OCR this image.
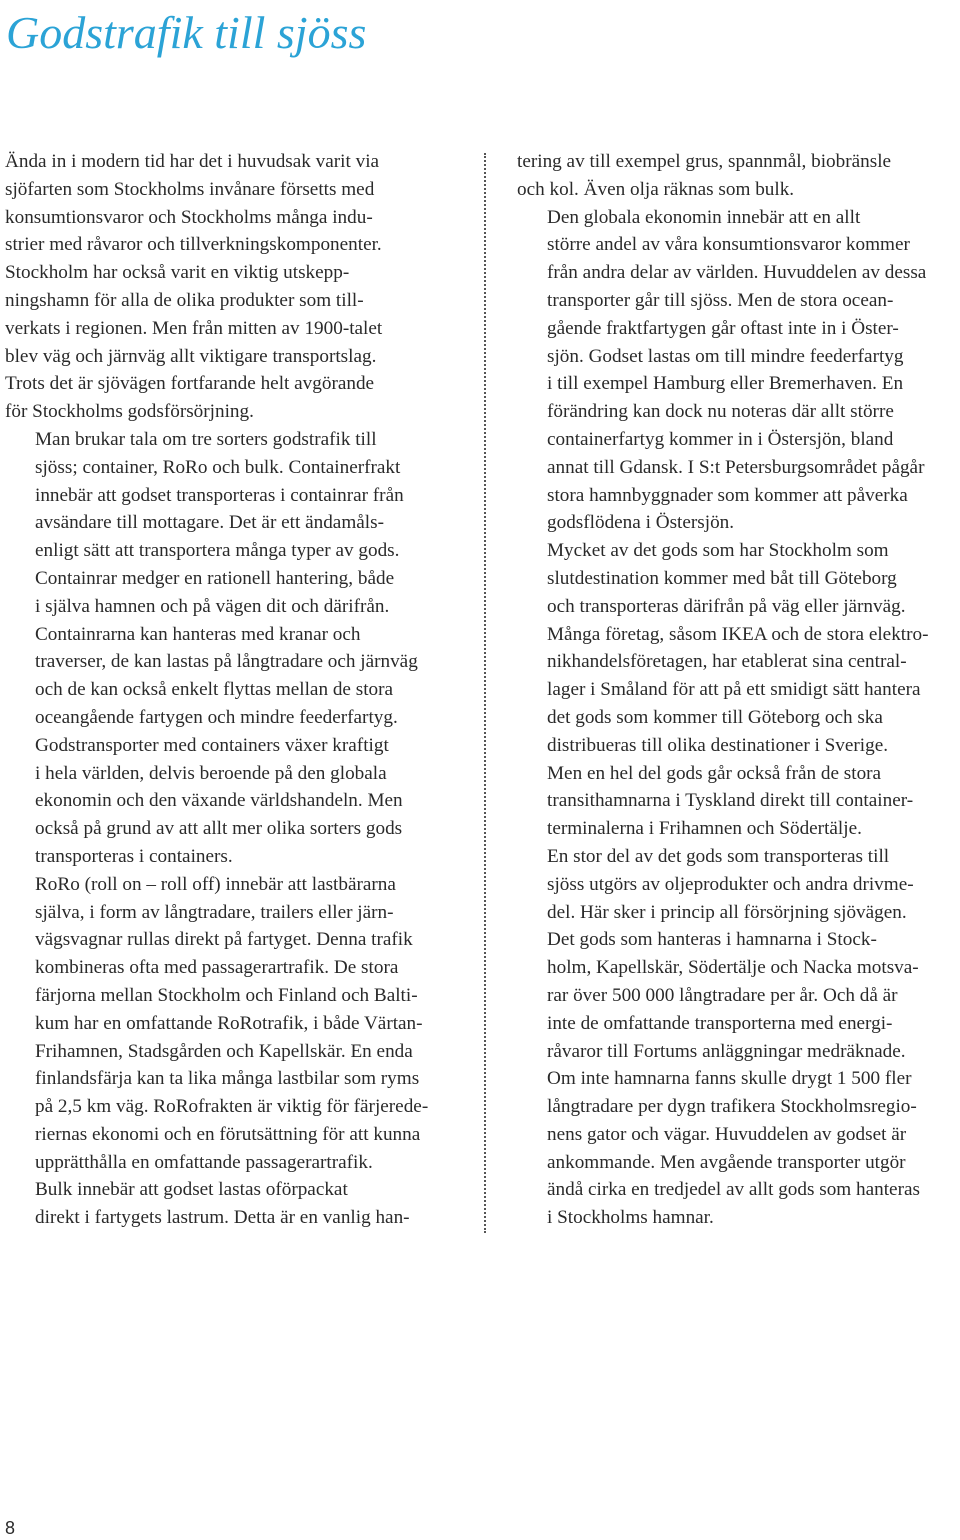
Godstrafik till sjöss

Ända in i modern tid har det i huvudsak varit via
sjöfarten som Stockholms invånare försetts med
konsumtionsvaror och Stockholms många indu-
strier med råvaror och tillverkningskomponenter.
Stockholm har också varit en viktig utskepp-
ningshamn för alla de olika produkter som till-
verkats i regionen. Men från mitten av 1900-talet
blev väg och järnväg allt viktigare transportslag.
Trots det är sjövägen fortfarande helt avgörande
för Stockholms godsförsörjning.

Man brukar tala om tre sorters godstrafik till
sjöss; container, RoRo och bulk. Containerfrakt
innebär att godset transporteras i containrar från
avsändare till mottagare. Det är ett ändamåls-
enligt sätt att transportera många typer av gods.
Containrar medger en rationell hantering, både
i själva hamnen och på vägen dit och därifrån.
Containrarna kan hanteras med kranar och
traverser, de kan lastas på långtradare och järnväg
och de kan också enkelt flyttas mellan de stora
oceangående fartygen och mindre feederfartyg.
Godstransporter med containers växer kraftigt
i hela världen, delvis beroende på den globala
ekonomin och den växande världshandeln. Men
också på grund av att allt mer olika sorters gods
transporteras i containers.

RoRo (roll on – roll off) innebär att lastbärarna
själva, i form av långtradare, trailers eller järn-
vägsvagnar rullas direkt på fartyget. Denna trafik
kombineras ofta med passagerartrafik. De stora
färjorna mellan Stockholm och Finland och Balti-
kum har en omfattande RoRotrafik, i både Värtan-
Frihamnen, Stadsgården och Kapellskär. En enda
finlandsfärja kan ta lika många lastbilar som ryms
på 2,5 km väg. RoRofrakten är viktig för färjerede-
riernas ekonomi och en förutsättning för att kunna
upprätthålla en omfattande passagerartrafik.

Bulk innebär att godset lastas oförpackat
direkt i fartygets lastrum. Detta är en vanlig han-

tering av till exempel grus, spannmål, biobränsle
och kol. Även olja räknas som bulk.

Den globala ekonomin innebär att en allt
större andel av våra konsumtionsvaror kommer
från andra delar av världen. Huvuddelen av dessa
transporter går till sjöss. Men de stora ocean-
gående fraktfartygen går oftast inte in i Öster-
sjön. Godset lastas om till mindre feederfartyg
i till exempel Hamburg eller Bremerhaven. En
förändring kan dock nu noteras där allt större
containerfartyg kommer in i Östersjön, bland
annat till Gdansk. I S:t Petersburgsområdet pågår
stora hamnbyggnader som kommer att påverka
godsflödena i Östersjön.

Mycket av det gods som har Stockholm som
slutdestination kommer med båt till Göteborg
och transporteras därifrån på väg eller järnväg.
Många företag, såsom IKEA och de stora elektro-
nikhandelsföretagen, har etablerat sina central-
lager i Småland för att på ett smidigt sätt hantera
det gods som kommer till Göteborg och ska
distribueras till olika destinationer i Sverige.

Men en hel del gods går också från de stora
transithamnarna i Tyskland direkt till container-
terminalerna i Frihamnen och Södertälje.

En stor del av det gods som transporteras till
sjöss utgörs av oljeprodukter och andra drivme-
del. Här sker i princip all försörjning sjövägen.

Det gods som hanteras i hamnarna i Stock-
holm, Kapellskär, Södertälje och Nacka motsva-
rar över 500 000 långtradare per år. Och då är
inte de omfattande transporterna med energi-
råvaror till Fortums anläggningar medräknade.
Om inte hamnarna fanns skulle drygt 1 500 fler
långtradare per dygn trafikera Stockholmsregio-
nens gator och vägar. Huvuddelen av godset är
ankommande. Men avgående transporter utgör
ändå cirka en tredjedel av allt gods som hanteras
i Stockholms hamnar.

8
